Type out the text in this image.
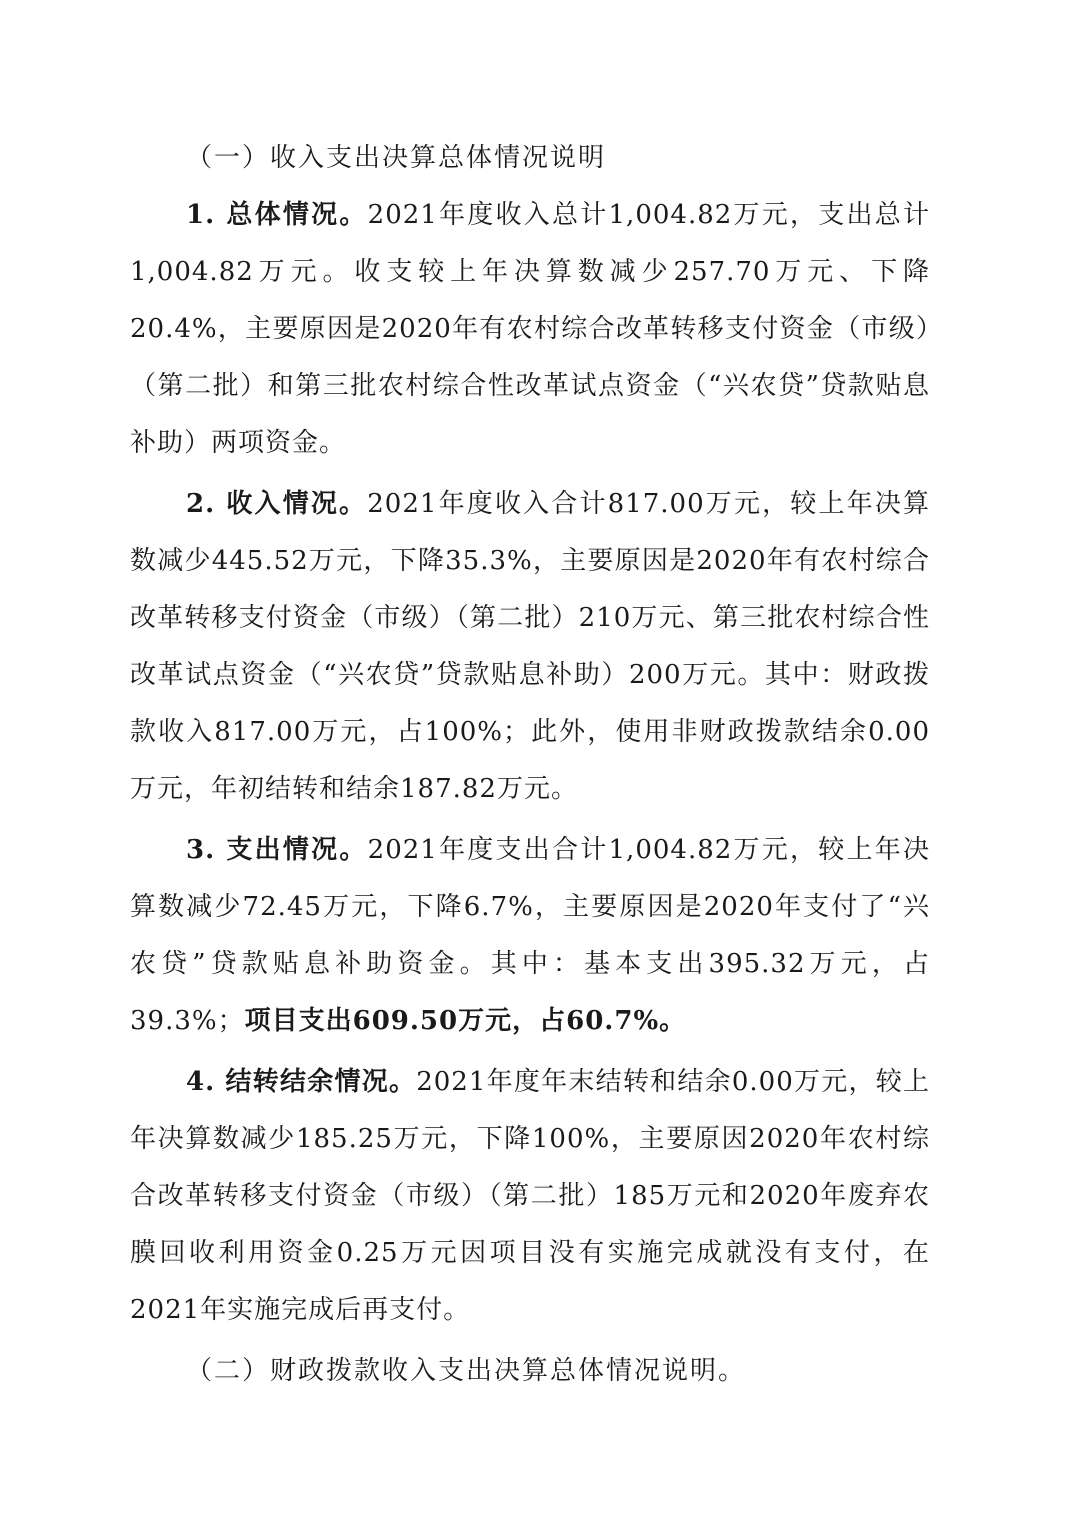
（一）收入支出决算总体情况说明

1. 总体情况。2021年度收入总计1,004.82万元，支出总计1,004.82万元。收支较上年决算数减少257.70万元、下降20.4%，主要原因是2020年有农村综合改革转移支付资金（市级）（第二批）和第三批农村综合性改革试点资金（“兴农贷”贷款贴息补助）两项资金。

2. 收入情况。2021年度收入合计817.00万元，较上年决算数减少445.52万元，下降35.3%，主要原因是2020年有农村综合改革转移支付资金（市级）（第二批）210万元、第三批农村综合性改革试点资金（“兴农贷”贷款贴息补助）200万元。其中：财政拨款收入817.00万元，占100%；此外，使用非财政拨款结余0.00万元，年初结转和结余187.82万元。

3. 支出情况。2021年度支出合计1,004.82万元，较上年决算数减少72.45万元，下降6.7%，主要原因是2020年支付了“兴农贷”贷款贴息补助资金。其中：基本支出395.32万元，占39.3%；项目支出609.50万元，占60.7%。

4. 结转结余情况。2021年度年末结转和结余0.00万元，较上年决算数减少185.25万元，下降100%，主要原因2020年农村综合改革转移支付资金（市级）（第二批）185万元和2020年废弃农膜回收利用资金0.25万元因项目没有实施完成就没有支付，在2021年实施完成后再支付。

（二）财政拨款收入支出决算总体情况说明。
